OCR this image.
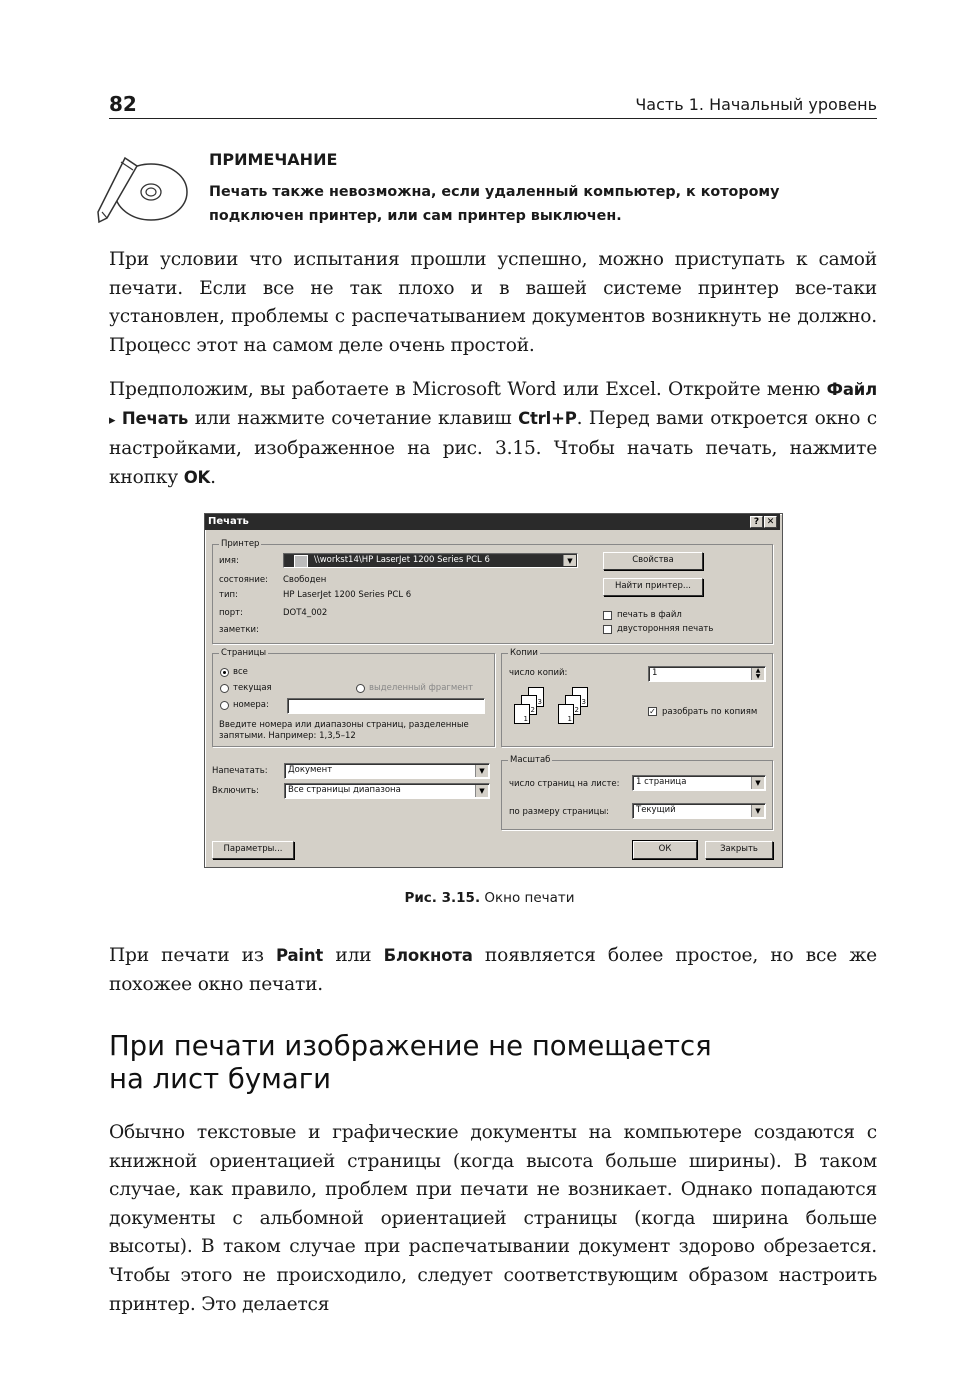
82	Часть 1. Начальный уровень
ПРИМЕЧАНИЕ
Печать также невозможна, если удаленный компьютер, к которому подключен принтер, или сам принтер выключен.
При условии что испытания прошли успешно, можно приступать к самой печати. Если все не так плохо и в вашей системе принтер все-таки установлен, проблемы с распечатыванием документов возникнуть не должно. Процесс этот на самом деле очень простой.
Предположим, вы работаете в Microsoft Word или Excel. Откройте меню Файл ▸ Печать или нажмите сочетание клавиш Ctrl+P. Перед вами откроется окно с настройками, изображенное на рис. 3.15. Чтобы начать печать, нажмите кнопку OK.
Печать	? ✕
Принтер
имя:	\\workst14\HP LaserJet 1200 Series PCL 6	▼
состояние: Свободен
тип:	HP LaserJet 1200 Series PCL 6
порт:	DOT4_002
заметки:
Свойства
Найти принтер...
печать в файл
двусторонняя печать
Страницы
все
текущая	выделенный фрагмент
номера:
Введите номера или диапазоны страниц, разделенные запятыми. Например: 1,3,5–12
Копии
число копий:	1	▲
▼
3
2
1
3
2
1
✓ разобрать по копиям
Напечатать:	Документ	▼
Включить:	Все страницы диапазона	▼
Масштаб
число страниц на листе:	1 страница	▼
по размеру страницы:	Текущий	▼
Параметры...	ОК	Закрыть
Рис. 3.15. Окно печати
При печати из Paint или Блокнота появляется более простое, но все же похожее окно печати.
При печати изображение не помещается на лист бумаги
Обычно текстовые и графические документы на компьютере создаются с книжной ориентацией страницы (когда высота больше ширины). В таком случае, как правило, проблем при печати не возникает. Однако попадаются документы с альбомной ориентацией страницы (когда ширина больше высоты). В таком случае при распечатывании документ здорово обрезается. Чтобы этого не происходило, следует соответствующим образом настроить принтер. Это делается
